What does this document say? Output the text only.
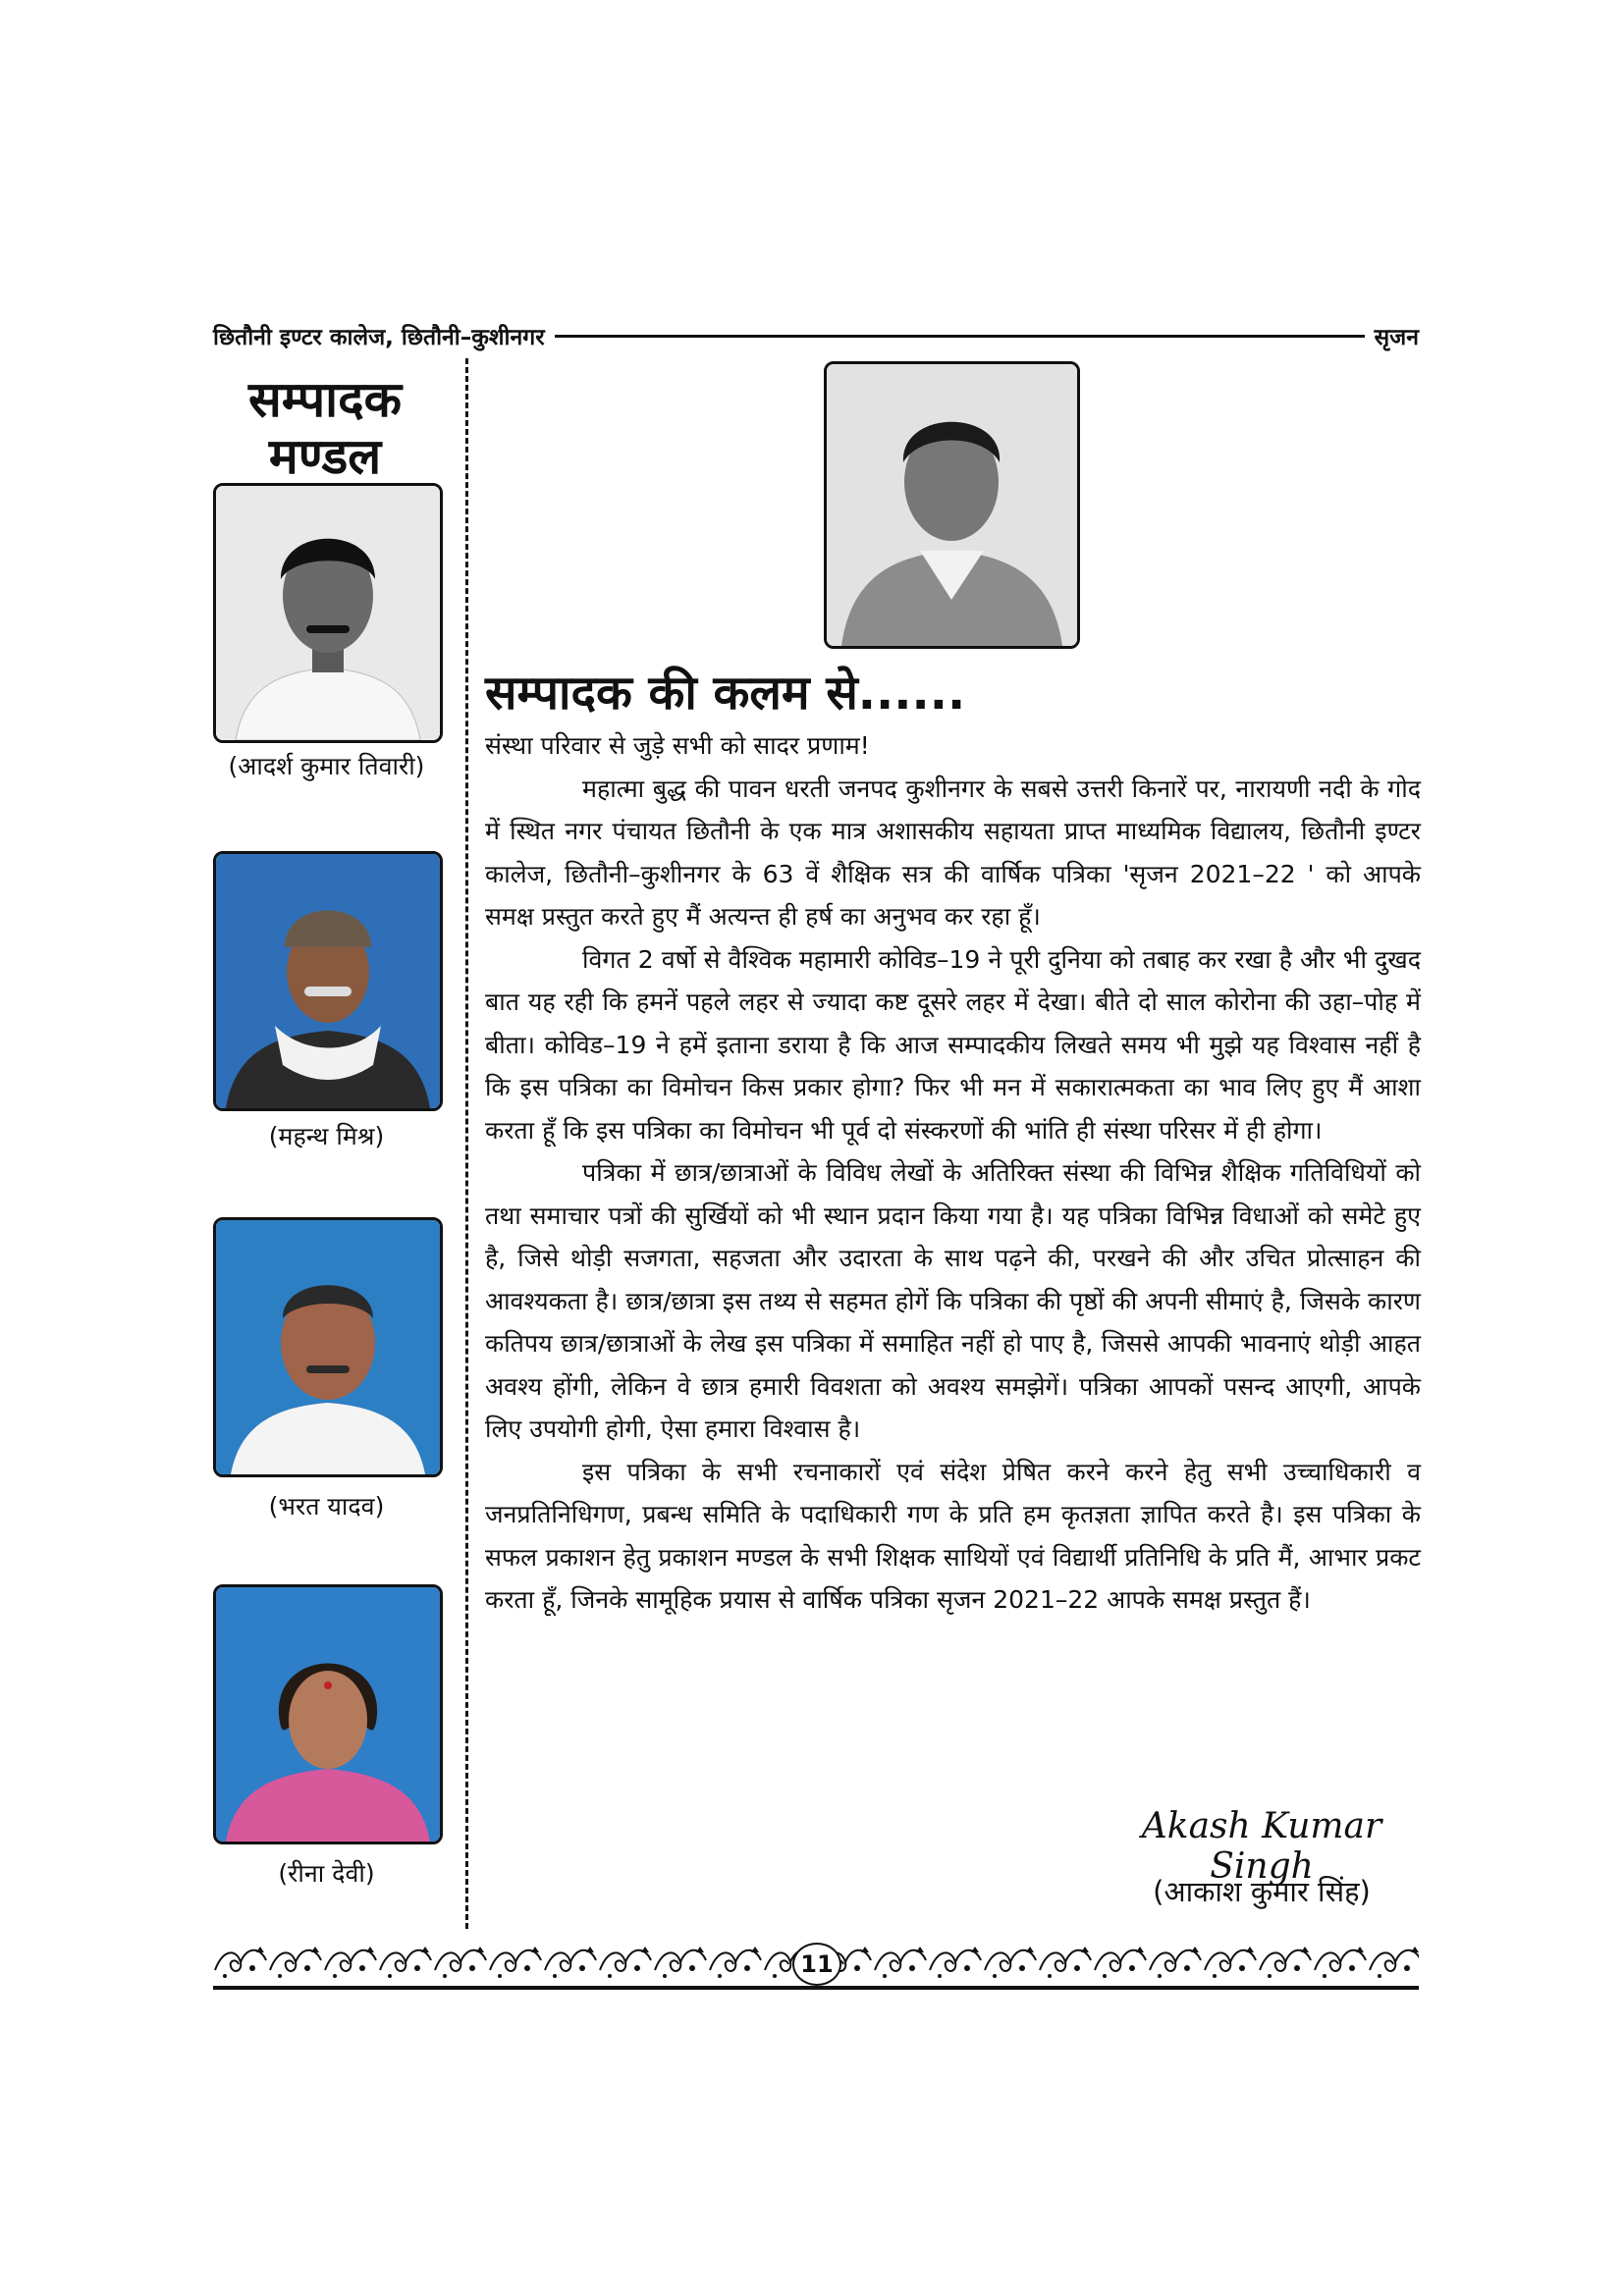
छितौनी इण्टर कालेज, छितौनी–कुशीनगर	सृजन
सम्पादक
मण्डल
(आदर्श कुमार तिवारी)
(महन्थ मिश्र)
(भरत यादव)
(रीना देवी)
सम्पादक की कलम से......

संस्था परिवार से जुड़े सभी को सादर प्रणाम!

महात्मा बुद्ध की पावन धरती जनपद कुशीनगर के सबसे उत्तरी किनारें पर, नारायणी नदी के गोद में स्थित नगर पंचायत छितौनी के एक मात्र अशासकीय सहायता प्राप्त माध्यमिक विद्यालय, छितौनी इण्टर कालेज, छितौनी–कुशीनगर के 63 वें शैक्षिक सत्र की वार्षिक पत्रिका 'सृजन 2021–22 ' को आपके समक्ष प्रस्तुत करते हुए मैं अत्यन्त ही हर्ष का अनुभव कर रहा हूँ।

विगत 2 वर्षो से वैश्विक महामारी कोविड–19 ने पूरी दुनिया को तबाह कर रखा है और भी दुखद बात यह रही कि हमनें पहले लहर से ज्यादा कष्ट दूसरे लहर में देखा। बीते दो साल कोरोना की उहा–पोह में बीता। कोविड–19 ने हमें इताना डराया है कि आज सम्पादकीय लिखते समय भी मुझे यह विश्वास नहीं है कि इस पत्रिका का विमोचन किस प्रकार होगा? फिर भी मन में सकारात्मकता का भाव लिए हुए मैं आशा करता हूँ कि इस पत्रिका का विमोचन भी पूर्व दो संस्करणों की भांति ही संस्था परिसर में ही होगा।

पत्रिका में छात्र/छात्राओं के विविध लेखों के अतिरिक्त संस्था की विभिन्न शैक्षिक गतिविधियों को तथा समाचार पत्रों की सुर्खियों को भी स्थान प्रदान किया गया है। यह पत्रिका विभिन्न विधाओं को समेटे हुए है, जिसे थोड़ी सजगता, सहजता और उदारता के साथ पढ़ने की, परखने की और उचित प्रोत्साहन की आवश्यकता है। छात्र/छात्रा इस तथ्य से सहमत होगें कि पत्रिका की पृष्ठों की अपनी सीमाएं है, जिसके कारण कतिपय छात्र/छात्राओं के लेख इस पत्रिका में समाहित नहीं हो पाए है, जिससे आपकी भावनाएं थोड़ी आहत अवश्य होंगी, लेकिन वे छात्र हमारी विवशता को अवश्य समझेगें। पत्रिका आपकों पसन्द आएगी, आपके लिए उपयोगी होगी, ऐसा हमारा विश्वास है।

इस पत्रिका के सभी रचनाकारों एवं संदेश प्रेषित करने करने हेतु सभी उच्चाधिकारी व जनप्रतिनिधिगण, प्रबन्ध समिति के पदाधिकारी गण के प्रति हम कृतज्ञता ज्ञापित करते है। इस पत्रिका के सफल प्रकाशन हेतु प्रकाशन मण्डल के सभी शिक्षक साथियों एवं विद्यार्थी प्रतिनिधि के प्रति मैं, आभार प्रकट करता हूँ, जिनके सामूहिक प्रयास से वार्षिक पत्रिका सृजन 2021–22 आपके समक्ष प्रस्तुत हैं।

Akash Kumar Singh
(आकाश कुमार सिंह)
11
